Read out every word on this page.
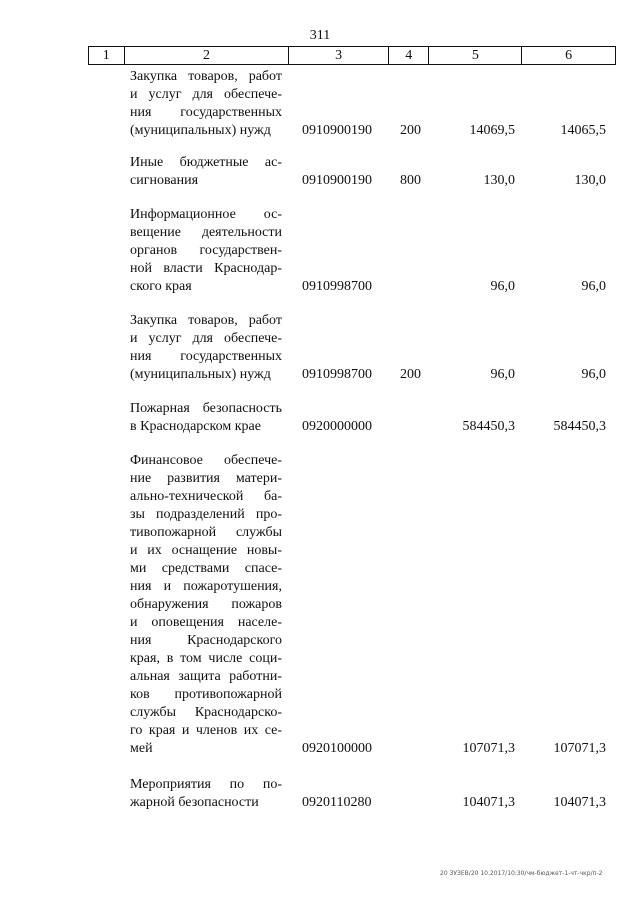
311
1	2	3	4	5	6
Закупка товаров, работ
и услуг для обеспече-
ния государственных
(муниципальных) нужд	0910900190 200	14069,5	14065,5
Иные бюджетные ас-
сигнования	0910900190 800	130,0	130,0
Информационное ос-
вещение деятельности
органов государствен-
ной власти Краснодар-
ского края	0910998700	96,0	96,0
Закупка товаров, работ
и услуг для обеспече-
ния государственных
(муниципальных) нужд	0910998700 200	96,0	96,0
Пожарная безопасность
в Краснодарском крае	0920000000	584450,3	584450,3
Финансовое обеспече-
ние развития матери-
ально-технической ба-
зы подразделений про-
тивопожарной службы
и их оснащение новы-
ми средствами спасе-
ния и пожаротушения,
обнаружения пожаров
и оповещения населе-
ния Краснодарского
края, в том числе соци-
альная защита работни-
ков противопожарной
службы Краснодарско-
го края и членов их се-
мей	0920100000	107071,3	107071,3
Мероприятия по по-
жарной безопасности	0920110280	104071,3	104071,3
20 ЗУЗЕВ/20 10.2017/10:30/чм-бюджет-1-чт-чкр/п-2
